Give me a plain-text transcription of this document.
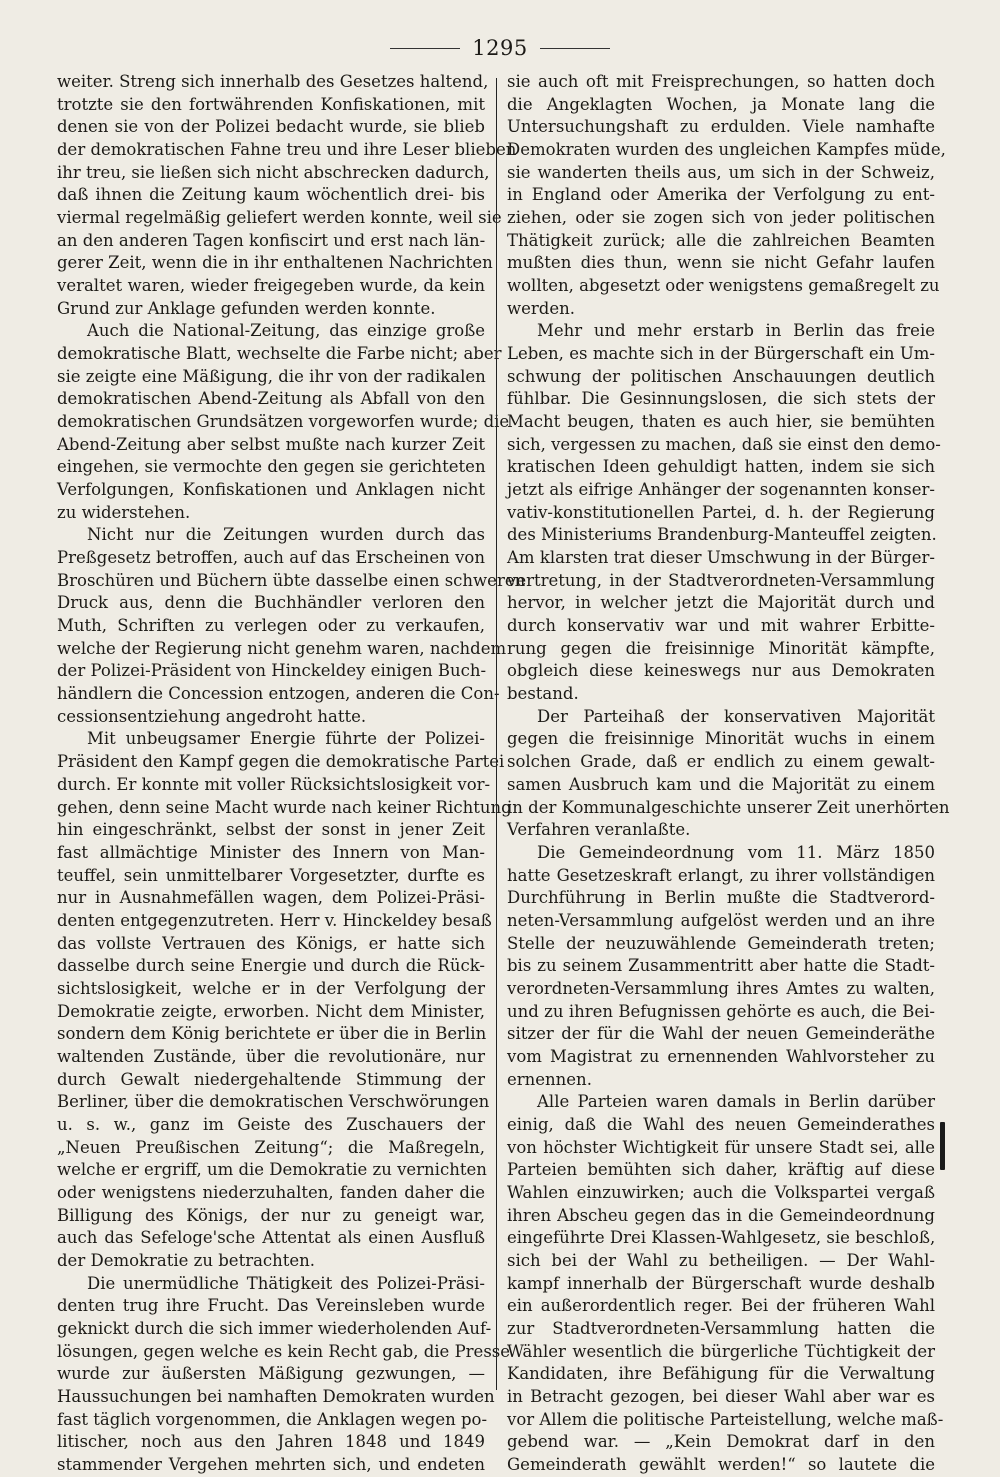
1295
weiter. Streng sich innerhalb des Gesetzes haltend,
trotzte sie den fortwährenden Konfiskationen, mit
denen sie von der Polizei bedacht wurde, sie blieb
der demokratischen Fahne treu und ihre Leser blieben
ihr treu, sie ließen sich nicht abschrecken dadurch,
daß ihnen die Zeitung kaum wöchentlich drei- bis
viermal regelmäßig geliefert werden konnte, weil sie
an den anderen Tagen konfiscirt und erst nach län-
gerer Zeit, wenn die in ihr enthaltenen Nachrichten
veraltet waren, wieder freigegeben wurde, da kein
Grund zur Anklage gefunden werden konnte.
Auch die National-Zeitung, das einzige große
demokratische Blatt, wechselte die Farbe nicht; aber
sie zeigte eine Mäßigung, die ihr von der radikalen
demokratischen Abend-Zeitung als Abfall von den
demokratischen Grundsätzen vorgeworfen wurde; die
Abend-Zeitung aber selbst mußte nach kurzer Zeit
eingehen, sie vermochte den gegen sie gerichteten
Verfolgungen, Konfiskationen und Anklagen nicht
zu widerstehen.
Nicht nur die Zeitungen wurden durch das
Preßgesetz betroffen, auch auf das Erscheinen von
Broschüren und Büchern übte dasselbe einen schweren
Druck aus, denn die Buchhändler verloren den
Muth, Schriften zu verlegen oder zu verkaufen,
welche der Regierung nicht genehm waren, nachdem
der Polizei-Präsident von Hinckeldey einigen Buch-
händlern die Concession entzogen, anderen die Con-
cessionsentziehung angedroht hatte.
Mit unbeugsamer Energie führte der Polizei-
Präsident den Kampf gegen die demokratische Partei
durch. Er konnte mit voller Rücksichtslosigkeit vor-
gehen, denn seine Macht wurde nach keiner Richtung
hin eingeschränkt, selbst der sonst in jener Zeit
fast allmächtige Minister des Innern von Man-
teuffel, sein unmittelbarer Vorgesetzter, durfte es
nur in Ausnahmefällen wagen, dem Polizei-Präsi-
denten entgegenzutreten. Herr v. Hinckeldey besaß
das vollste Vertrauen des Königs, er hatte sich
dasselbe durch seine Energie und durch die Rück-
sichtslosigkeit, welche er in der Verfolgung der
Demokratie zeigte, erworben. Nicht dem Minister,
sondern dem König berichtete er über die in Berlin
waltenden Zustände, über die revolutionäre, nur
durch Gewalt niedergehaltende Stimmung der
Berliner, über die demokratischen Verschwörungen
u. s. w., ganz im Geiste des Zuschauers der
„Neuen Preußischen Zeitung“; die Maßregeln,
welche er ergriff, um die Demokratie zu vernichten
oder wenigstens niederzuhalten, fanden daher die
Billigung des Königs, der nur zu geneigt war,
auch das Sefeloge'sche Attentat als einen Ausfluß
der Demokratie zu betrachten.
Die unermüdliche Thätigkeit des Polizei-Präsi-
denten trug ihre Frucht. Das Vereinsleben wurde
geknickt durch die sich immer wiederholenden Auf-
lösungen, gegen welche es kein Recht gab, die Presse
wurde zur äußersten Mäßigung gezwungen, —
Haussuchungen bei namhaften Demokraten wurden
fast täglich vorgenommen, die Anklagen wegen po-
litischer, noch aus den Jahren 1848 und 1849
stammender Vergehen mehrten sich, und endeten
sie auch oft mit Freisprechungen, so hatten doch
die Angeklagten Wochen, ja Monate lang die
Untersuchungshaft zu erdulden. Viele namhafte
Demokraten wurden des ungleichen Kampfes müde,
sie wanderten theils aus, um sich in der Schweiz,
in England oder Amerika der Verfolgung zu ent-
ziehen, oder sie zogen sich von jeder politischen
Thätigkeit zurück; alle die zahlreichen Beamten
mußten dies thun, wenn sie nicht Gefahr laufen
wollten, abgesetzt oder wenigstens gemaßregelt zu
werden.
Mehr und mehr erstarb in Berlin das freie
Leben, es machte sich in der Bürgerschaft ein Um-
schwung der politischen Anschauungen deutlich
fühlbar. Die Gesinnungslosen, die sich stets der
Macht beugen, thaten es auch hier, sie bemühten
sich, vergessen zu machen, daß sie einst den demo-
kratischen Ideen gehuldigt hatten, indem sie sich
jetzt als eifrige Anhänger der sogenannten konser-
vativ-konstitutionellen Partei, d. h. der Regierung
des Ministeriums Brandenburg-Manteuffel zeigten.
Am klarsten trat dieser Umschwung in der Bürger-
vertretung, in der Stadtverordneten-Versammlung
hervor, in welcher jetzt die Majorität durch und
durch konservativ war und mit wahrer Erbitte-
rung gegen die freisinnige Minorität kämpfte,
obgleich diese keineswegs nur aus Demokraten
bestand.
Der Parteihaß der konservativen Majorität
gegen die freisinnige Minorität wuchs in einem
solchen Grade, daß er endlich zu einem gewalt-
samen Ausbruch kam und die Majorität zu einem
in der Kommunalgeschichte unserer Zeit unerhörten
Verfahren veranlaßte.
Die Gemeindeordnung vom 11. März 1850
hatte Gesetzeskraft erlangt, zu ihrer vollständigen
Durchführung in Berlin mußte die Stadtverord-
neten-Versammlung aufgelöst werden und an ihre
Stelle der neuzuwählende Gemeinderath treten;
bis zu seinem Zusammentritt aber hatte die Stadt-
verordneten-Versammlung ihres Amtes zu walten,
und zu ihren Befugnissen gehörte es auch, die Bei-
sitzer der für die Wahl der neuen Gemeinderäthe
vom Magistrat zu ernennenden Wahlvorsteher zu
ernennen.
Alle Parteien waren damals in Berlin darüber
einig, daß die Wahl des neuen Gemeinderathes
von höchster Wichtigkeit für unsere Stadt sei, alle
Parteien bemühten sich daher, kräftig auf diese
Wahlen einzuwirken; auch die Volkspartei vergaß
ihren Abscheu gegen das in die Gemeindeordnung
eingeführte Drei Klassen-Wahlgesetz, sie beschloß,
sich bei der Wahl zu betheiligen. — Der Wahl-
kampf innerhalb der Bürgerschaft wurde deshalb
ein außerordentlich reger. Bei der früheren Wahl
zur Stadtverordneten-Versammlung hatten die
Wähler wesentlich die bürgerliche Tüchtigkeit der
Kandidaten, ihre Befähigung für die Verwaltung
in Betracht gezogen, bei dieser Wahl aber war es
vor Allem die politische Parteistellung, welche maß-
gebend war. — „Kein Demokrat darf in den
Gemeinderath gewählt werden!“ so lautete die
